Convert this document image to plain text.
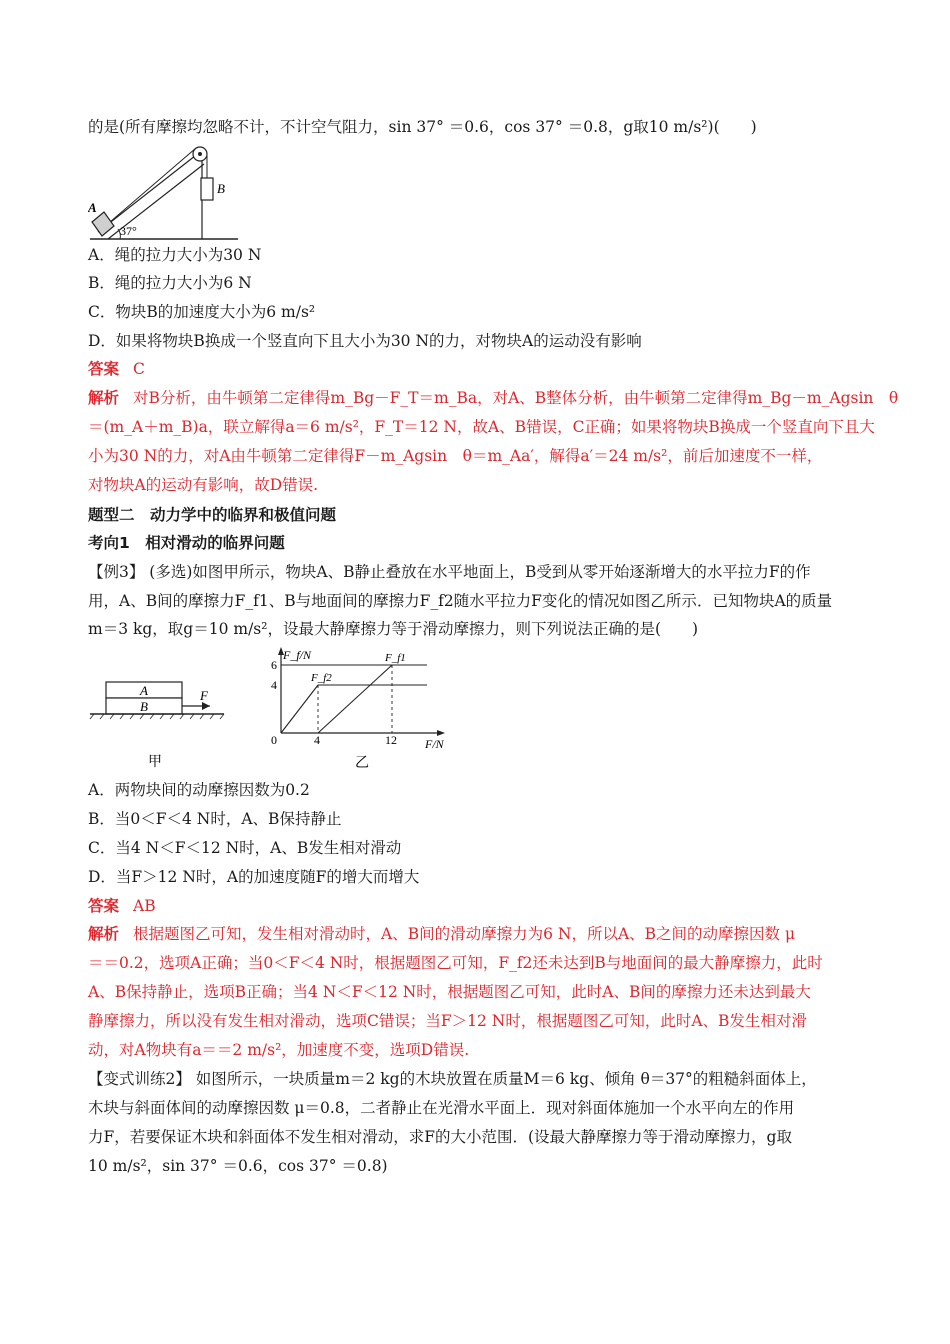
的是(所有摩擦均忽略不计，不计空气阻力，sin 37° ＝0.6，cos 37° ＝0.8，g取10 m/s²)(　　)
B
A
37°
A．绳的拉力大小为30 N
B．绳的拉力大小为6 N
C．物块B的加速度大小为6 m/s²
D．如果将物块B换成一个竖直向下且大小为30 N的力，对物块A的运动没有影响
答案 C
解析 对B分析，由牛顿第二定律得m_Bg－F_T＝m_Ba，对A、B整体分析，由牛顿第二定律得m_Bg－m_Agsin　θ
＝(m_A＋m_B)a，联立解得a＝6 m/s²，F_T＝12 N，故A、B错误，C正确；如果将物块B换成一个竖直向下且大
小为30 N的力，对A由牛顿第二定律得F－m_Agsin　θ＝m_Aa′，解得a′＝24 m/s²，前后加速度不一样，
对物块A的运动有影响，故D错误.
题型二　动力学中的临界和极值问题
考向1　相对滑动的临界问题
【例3】 (多选)如图甲所示，物块A、B静止叠放在水平地面上，B受到从零开始逐渐增大的水平拉力F的作
用，A、B间的摩擦力F_f1、B与地面间的摩擦力F_f2随水平拉力F变化的情况如图乙所示．已知物块A的质量
m＝3 kg，取g＝10 m/s²，设最大静摩擦力等于滑动摩擦力，则下列说法正确的是(　　)
A
B
F
甲
F_f/N
F/N
0
6
4
4	12
F_f1
F_f2
乙
A．两物块间的动摩擦因数为0.2
B．当0＜F＜4 N时，A、B保持静止
C．当4 N＜F＜12 N时，A、B发生相对滑动
D．当F＞12 N时，A的加速度随F的增大而增大
答案 AB
解析 根据题图乙可知，发生相对滑动时，A、B间的滑动摩擦力为6 N，所以A、B之间的动摩擦因数 μ
＝＝0.2，选项A正确；当0＜F＜4 N时，根据题图乙可知，F_f2还未达到B与地面间的最大静摩擦力，此时
A、B保持静止，选项B正确；当4 N＜F＜12 N时，根据题图乙可知，此时A、B间的摩擦力还未达到最大
静摩擦力，所以没有发生相对滑动，选项C错误；当F＞12 N时，根据题图乙可知，此时A、B发生相对滑
动，对A物块有a＝＝2 m/s²，加速度不变，选项D错误.
【变式训练2】 如图所示，一块质量m＝2 kg的木块放置在质量M＝6 kg、倾角 θ＝37°的粗糙斜面体上，
木块与斜面体间的动摩擦因数 μ＝0.8，二者静止在光滑水平面上．现对斜面体施加一个水平向左的作用
力F，若要保证木块和斜面体不发生相对滑动，求F的大小范围．(设最大静摩擦力等于滑动摩擦力，g取
10 m/s²，sin 37° ＝0.6，cos 37° ＝0.8)
